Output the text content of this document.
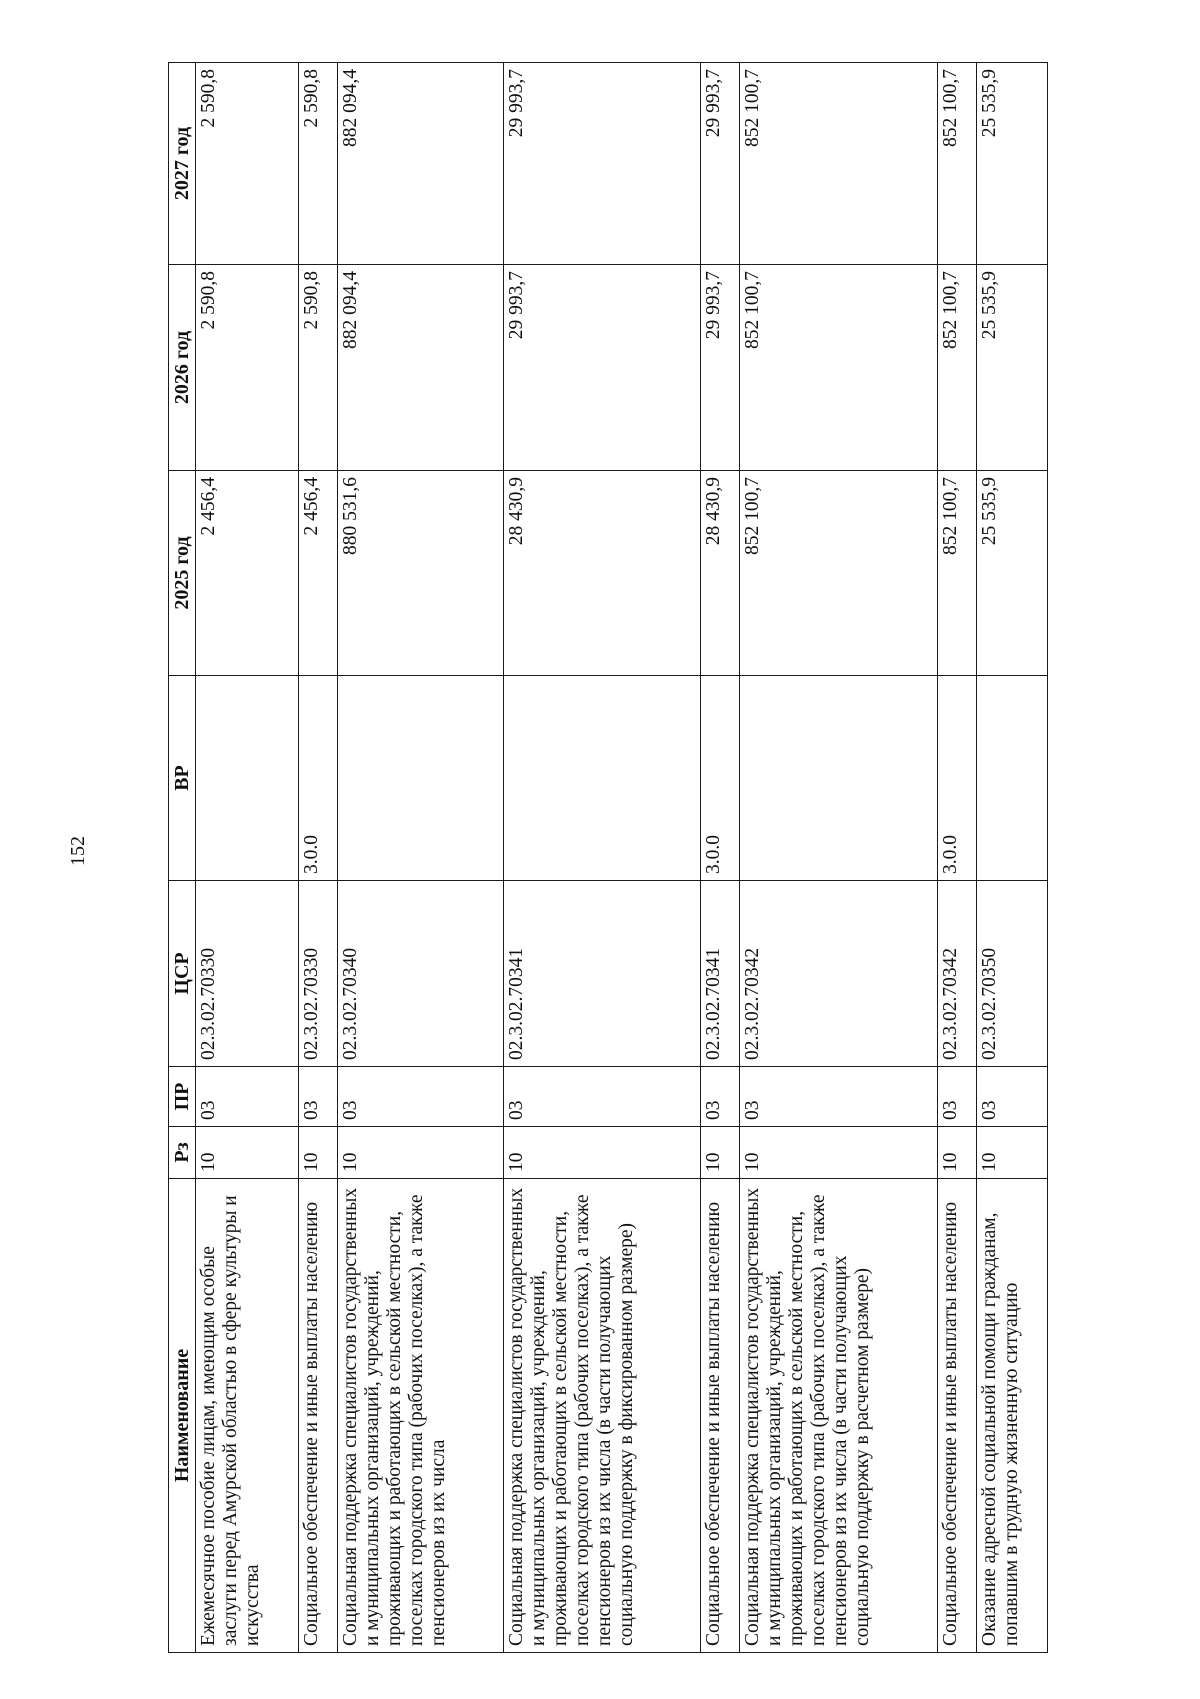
152
Наименование	Рз	ПР	ЦСР	ВР	2025 год	2026 год	2027 год
Ежемесячное пособие лицам, имеющим особые заслуги перед Амурской областью в сфере культуры и искусства	10	03	02.3.02.70330		2 456,4	2 590,8	2 590,8
Социальное обеспечение и иные выплаты населению	10	03	02.3.02.70330	3.0.0	2 456,4	2 590,8	2 590,8
Социальная поддержка специалистов государственных и муниципальных организаций, учреждений, проживающих и работающих в сельской местности, поселках городского типа (рабочих поселках), а также пенсионеров из их числа	10	03	02.3.02.70340		880 531,6	882 094,4	882 094,4
Социальная поддержка специалистов государственных и муниципальных организаций, учреждений, проживающих и работающих в сельской местности, поселках городского типа (рабочих поселках), а также пенсионеров из их числа (в части получающих социальную поддержку в фиксированном размере)	10	03	02.3.02.70341		28 430,9	29 993,7	29 993,7
Социальное обеспечение и иные выплаты населению	10	03	02.3.02.70341	3.0.0	28 430,9	29 993,7	29 993,7
Социальная поддержка специалистов государственных и муниципальных организаций, учреждений, проживающих и работающих в сельской местности, поселках городского типа (рабочих поселках), а также пенсионеров из их числа (в части получающих социальную поддержку в расчетном размере)	10	03	02.3.02.70342		852 100,7	852 100,7	852 100,7
Социальное обеспечение и иные выплаты населению	10	03	02.3.02.70342	3.0.0	852 100,7	852 100,7	852 100,7
Оказание адресной социальной помощи гражданам, попавшим в трудную жизненную ситуацию	10	03	02.3.02.70350		25 535,9	25 535,9	25 535,9
